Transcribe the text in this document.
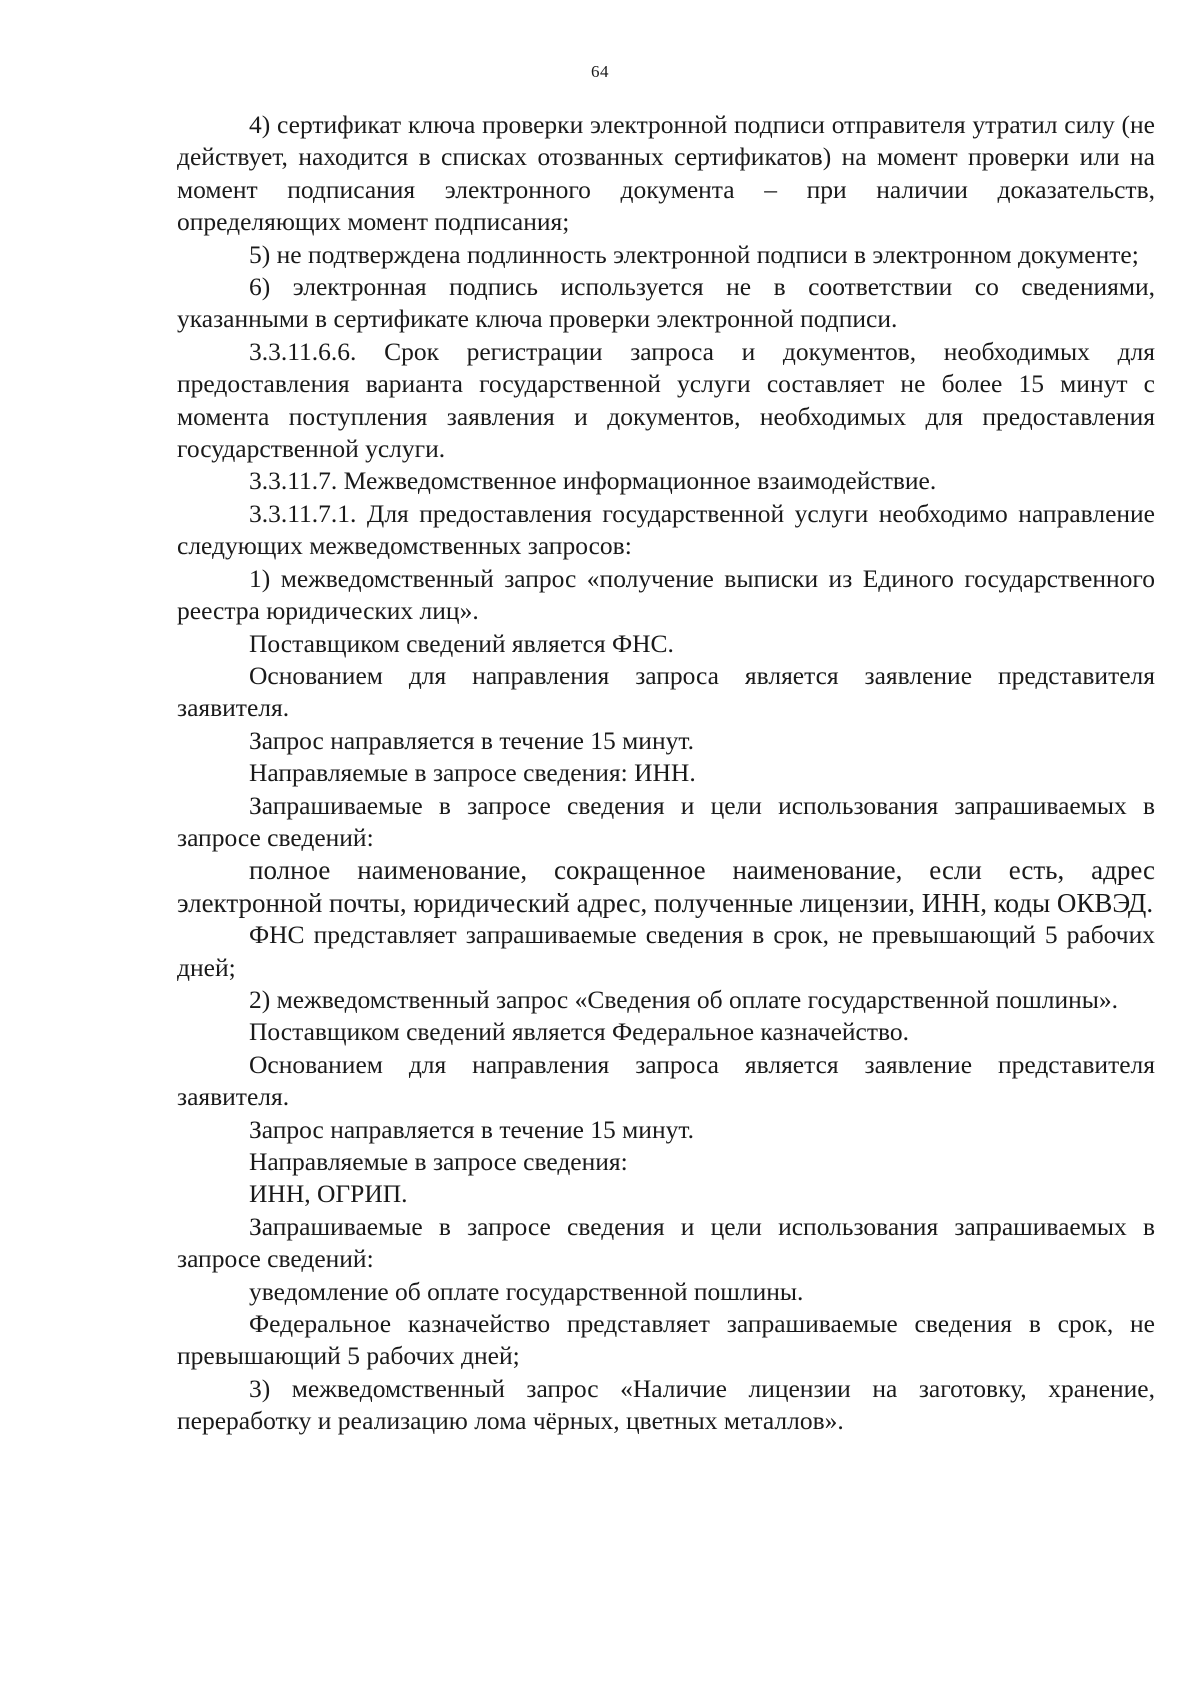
64

4) сертификат ключа проверки электронной подписи отправителя утратил силу (не действует, находится в списках отозванных сертификатов) на момент проверки или на момент подписания электронного документа – при наличии доказательств, определяющих момент подписания;

5) не подтверждена подлинность электронной подписи в электронном документе;

6) электронная подпись используется не в соответствии со сведениями, указанными в сертификате ключа проверки электронной подписи.

3.3.11.6.6. Срок регистрации запроса и документов, необходимых для предоставления варианта государственной услуги составляет не более 15 минут с момента поступления заявления и документов, необходимых для предоставления государственной услуги.

3.3.11.7. Межведомственное информационное взаимодействие.

3.3.11.7.1. Для предоставления государственной услуги необходимо направление следующих межведомственных запросов:

1) межведомственный запрос «получение выписки из Единого государственного реестра юридических лиц».

Поставщиком сведений является ФНС.

Основанием для направления запроса является заявление представителя заявителя.

Запрос направляется в течение 15 минут.

Направляемые в запросе сведения: ИНН.

Запрашиваемые в запросе сведения и цели использования запрашиваемых в запросе сведений:

полное наименование, сокращенное наименование, если есть, адрес электронной почты, юридический адрес, полученные лицензии, ИНН, коды ОКВЭД.

ФНС представляет запрашиваемые сведения в срок, не превышающий 5 рабочих дней;

2) межведомственный запрос «Сведения об оплате государственной пошлины».

Поставщиком сведений является Федеральное казначейство.

Основанием для направления запроса является заявление представителя заявителя.

Запрос направляется в течение 15 минут.

Направляемые в запросе сведения:

ИНН, ОГРИП.

Запрашиваемые в запросе сведения и цели использования запрашиваемых в запросе сведений:

уведомление об оплате государственной пошлины.

Федеральное казначейство представляет запрашиваемые сведения в срок, не превышающий 5 рабочих дней;

3) межведомственный запрос «Наличие лицензии на заготовку, хранение, переработку и реализацию лома чёрных, цветных металлов».
